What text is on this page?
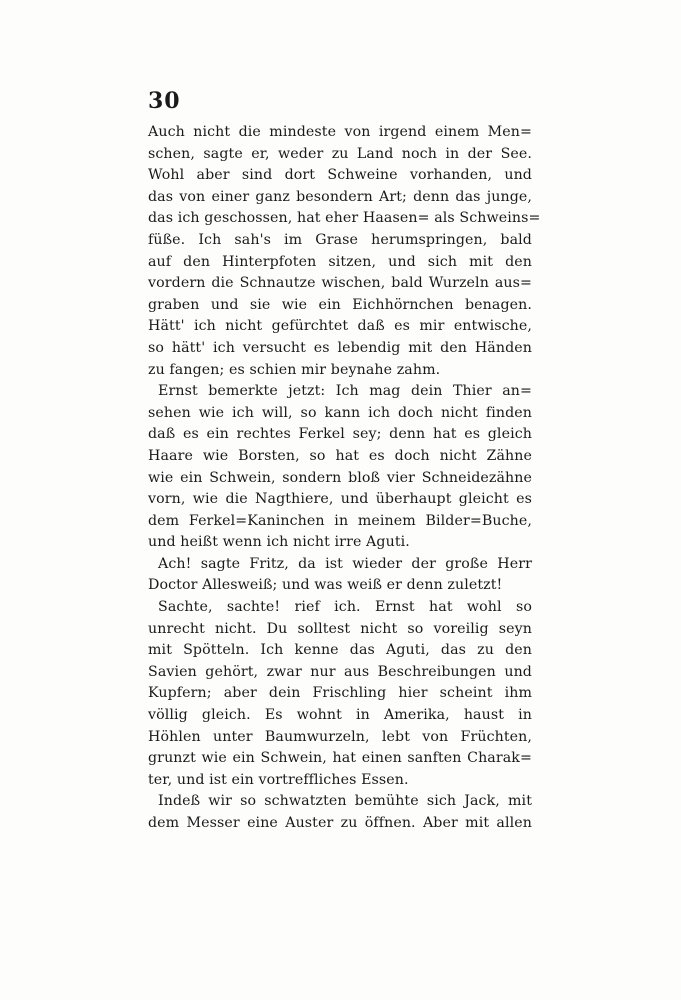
30
Auch nicht die mindeste von irgend einem Men=
schen, sagte er, weder zu Land noch in der See.
Wohl aber sind dort Schweine vorhanden, und
das von einer ganz besondern Art; denn das junge,
das ich geschossen, hat eher Haasen= als Schweins=
füße. Ich sah's im Grase herumspringen, bald
auf den Hinterpfoten sitzen, und sich mit den
vordern die Schnautze wischen, bald Wurzeln aus=
graben und sie wie ein Eichhörnchen benagen.
Hätt' ich nicht gefürchtet daß es mir entwische,
so hätt' ich versucht es lebendig mit den Händen
zu fangen; es schien mir beynahe zahm.
Ernst bemerkte jetzt: Ich mag dein Thier an=
sehen wie ich will, so kann ich doch nicht finden
daß es ein rechtes Ferkel sey; denn hat es gleich
Haare wie Borsten, so hat es doch nicht Zähne
wie ein Schwein, sondern bloß vier Schneidezähne
vorn, wie die Nagthiere, und überhaupt gleicht es
dem Ferkel=Kaninchen in meinem Bilder=Buche,
und heißt wenn ich nicht irre Aguti.
Ach! sagte Fritz, da ist wieder der große Herr
Doctor Allesweiß; und was weiß er denn zuletzt!
Sachte, sachte! rief ich. Ernst hat wohl so
unrecht nicht. Du solltest nicht so voreilig seyn
mit Spötteln. Ich kenne das Aguti, das zu den
Savien gehört, zwar nur aus Beschreibungen und
Kupfern; aber dein Frischling hier scheint ihm
völlig gleich. Es wohnt in Amerika, haust in
Höhlen unter Baumwurzeln, lebt von Früchten,
grunzt wie ein Schwein, hat einen sanften Charak=
ter, und ist ein vortreffliches Essen.
Indeß wir so schwatzten bemühte sich Jack, mit
dem Messer eine Auster zu öffnen. Aber mit allen
